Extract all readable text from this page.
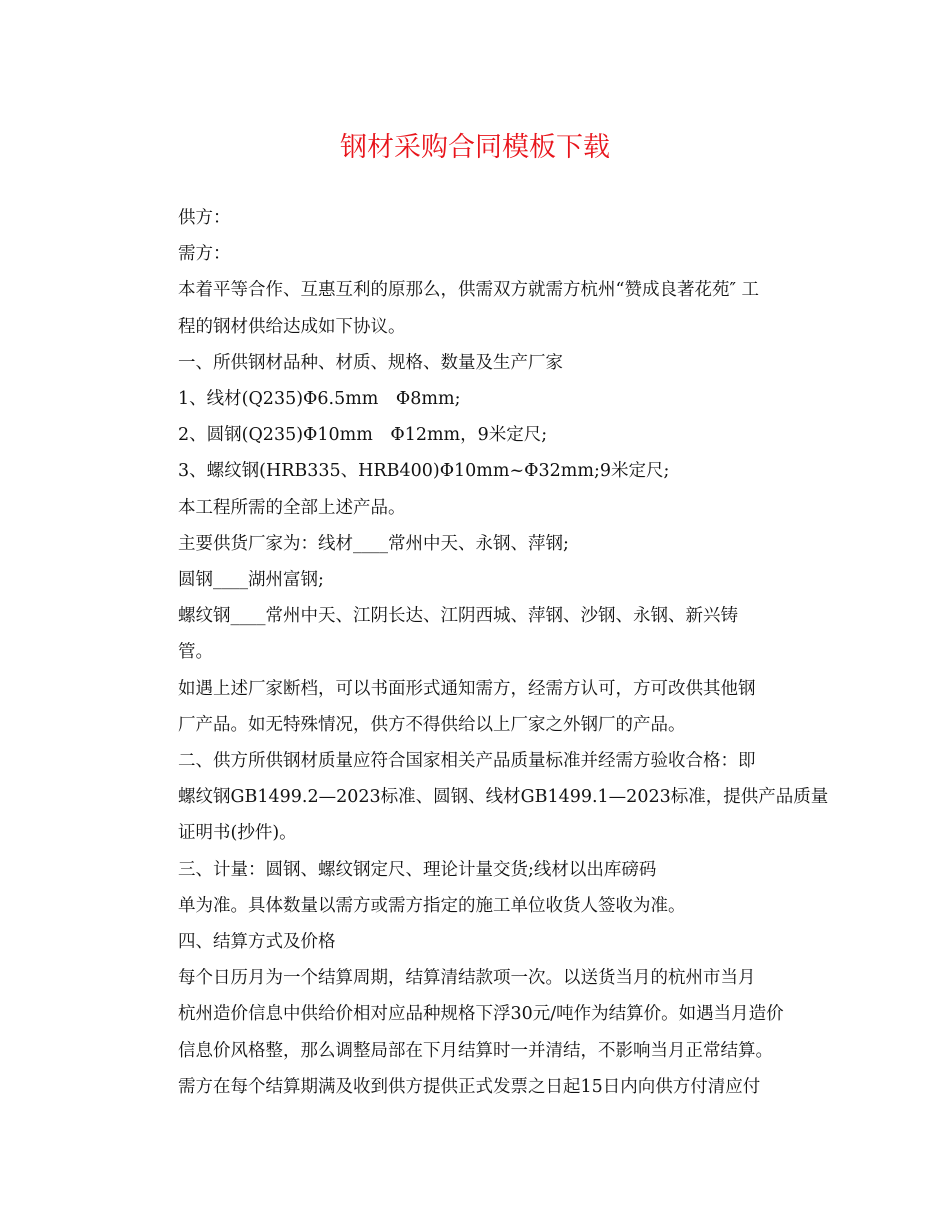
钢材采购合同模板下载

供方：

需方：

本着平等合作、互惠互利的原那么，供需双方就需方杭州“赞成良著花苑″ 工
程的钢材供给达成如下协议。

一、所供钢材品种、材质、规格、数量及生产厂家

1、线材(Q235)Φ6.5mm　Φ8mm;

2、圆钢(Q235)Φ10mm　Φ12mm，9米定尺;

3、螺纹钢(HRB335、HRB400)Φ10mm~Φ32mm;9米定尺;

本工程所需的全部上述产品。

主要供货厂家为：线材____常州中天、永钢、萍钢;

圆钢____湖州富钢;

螺纹钢____常州中天、江阴长达、江阴西城、萍钢、沙钢、永钢、新兴铸
管。

如遇上述厂家断档，可以书面形式通知需方，经需方认可，方可改供其他钢
厂产品。如无特殊情况，供方不得供给以上厂家之外钢厂的产品。

二、供方所供钢材质量应符合国家相关产品质量标准并经需方验收合格：即
螺纹钢GB1499.2—2023标准、圆钢、线材GB1499.1—2023标准，提供产品质量
证明书(抄件)。

三、计量：圆钢、螺纹钢定尺、理论计量交货;线材以出库磅码

单为准。具体数量以需方或需方指定的施工单位收货人签收为准。

四、结算方式及价格

每个日历月为一个结算周期，结算清结款项一次。以送货当月的杭州市当月
杭州造价信息中供给价相对应品种规格下浮30元/吨作为结算价。如遇当月造价
信息价风格整，那么调整局部在下月结算时一并清结，不影响当月正常结算。

需方在每个结算期满及收到供方提供正式发票之日起15日内向供方付清应付
